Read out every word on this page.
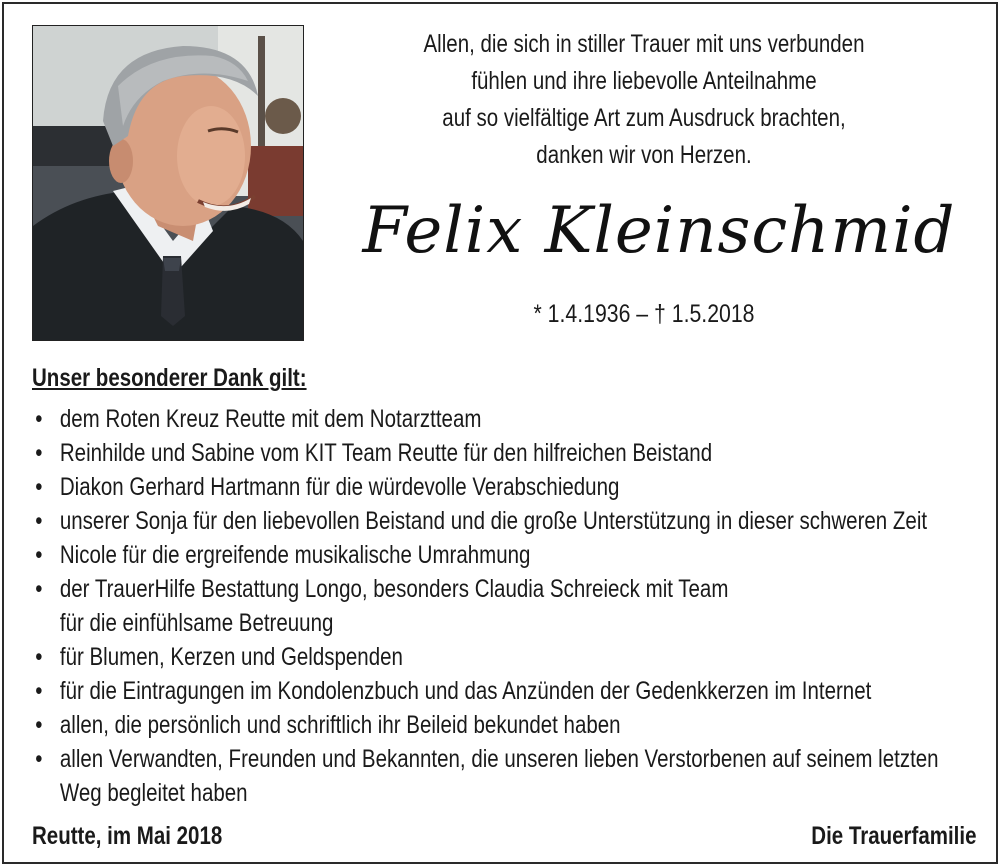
Allen, die sich in stiller Trauer mit uns verbunden
fühlen und ihre liebevolle Anteilnahme
auf so vielfältige Art zum Ausdruck brachten,
danken wir von Herzen.
Felix Kleinschmid
* 1.4.1936 – † 1.5.2018
Unser besonderer Dank gilt:
• dem Roten Kreuz Reutte mit dem Notarztteam
• Reinhilde und Sabine vom KIT Team Reutte für den hilfreichen Beistand
• Diakon Gerhard Hartmann für die würdevolle Verabschiedung
• unserer Sonja für den liebevollen Beistand und die große Unterstützung in dieser schweren Zeit
• Nicole für die ergreifende musikalische Umrahmung
• der TrauerHilfe Bestattung Longo, besonders Claudia Schreieck mit Team
für die einfühlsame Betreuung
• für Blumen, Kerzen und Geldspenden
• für die Eintragungen im Kondolenzbuch und das Anzünden der Gedenkkerzen im Internet
• allen, die persönlich und schriftlich ihr Beileid bekundet haben
• allen Verwandten, Freunden und Bekannten, die unseren lieben Verstorbenen auf seinem letzten
Weg begleitet haben
Reutte, im Mai 2018	Die Trauerfamilie
